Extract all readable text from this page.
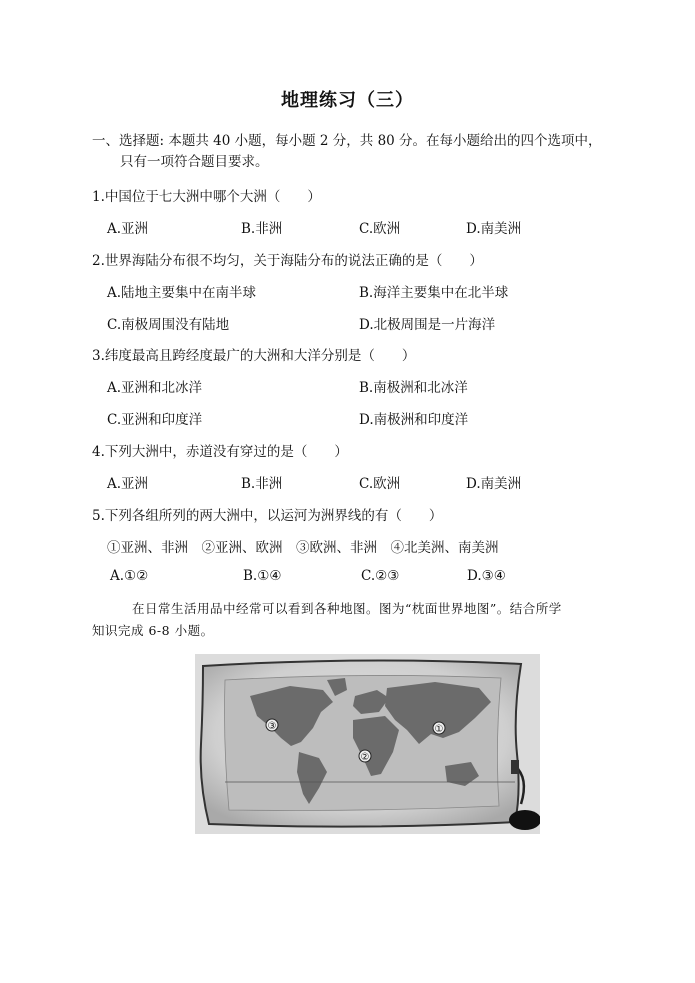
地理练习（三）
一、选择题: 本题共 40 小题，每小题 2 分，共 80 分。在每小题给出的四个选项中，
只有一项符合题目要求。
1.中国位于七大洲中哪个大洲（　　）
A.亚洲	B.非洲	C.欧洲	D.南美洲
2.世界海陆分布很不均匀，关于海陆分布的说法正确的是（　　）
A.陆地主要集中在南半球	B.海洋主要集中在北半球
C.南极周围没有陆地	D.北极周围是一片海洋
3.纬度最高且跨经度最广的大洲和大洋分别是（　　）
A.亚洲和北冰洋	B.南极洲和北冰洋
C.亚洲和印度洋	D.南极洲和印度洋
4.下列大洲中，赤道没有穿过的是（　　）
A.亚洲	B.非洲	C.欧洲	D.南美洲
5.下列各组所列的两大洲中，以运河为洲界线的有（　　）
①亚洲、非洲　②亚洲、欧洲　③欧洲、非洲　④北美洲、南美洲
A.①②	B.①④	C.②③	D.③④
在日常生活用品中经常可以看到各种地图。图为“枕面世界地图”。结合所学
知识完成 6-8 小题。
①
②
③
